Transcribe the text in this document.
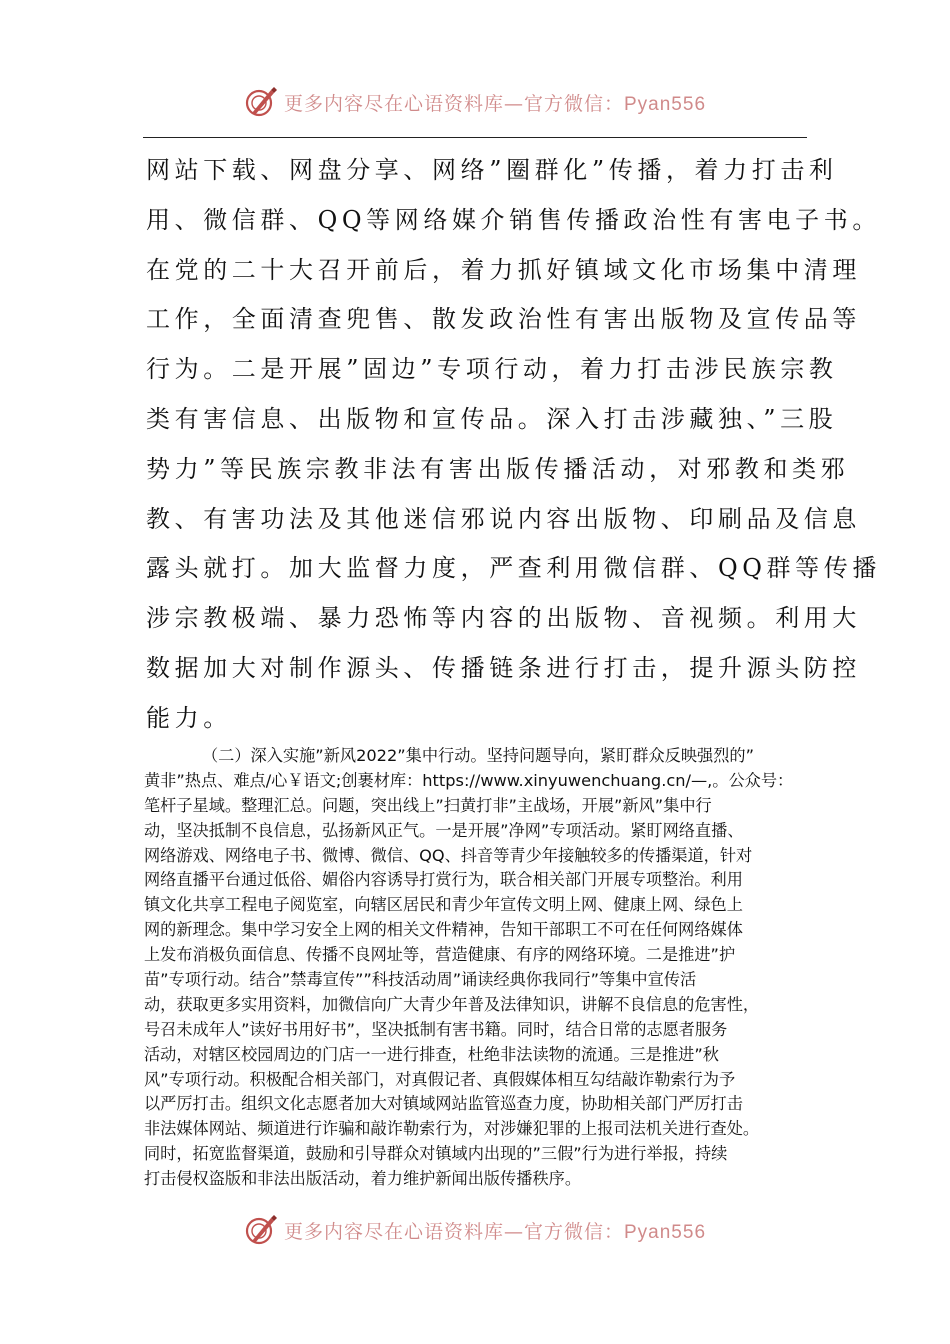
更多内容尽在心语资料库—官方微信：Pyan556
网站下载、网盘分享、网络”圈群化”传播，着力打击利
用、微信群、QQ等网络媒介销售传播政治性有害电子书。
在党的二十大召开前后，着力抓好镇域文化市场集中清理
工作，全面清查兜售、散发政治性有害出版物及宣传品等
行为。二是开展”固边”专项行动，着力打击涉民族宗教
类有害信息、出版物和宣传品。深入打击涉藏独、”三股
势力”等民族宗教非法有害出版传播活动，对邪教和类邪
教、有害功法及其他迷信邪说内容出版物、印刷品及信息
露头就打。加大监督力度，严查利用微信群、QQ群等传播
涉宗教极端、暴力恐怖等内容的出版物、音视频。利用大
数据加大对制作源头、传播链条进行打击，提升源头防控
能力。
（二）深入实施”新风2022”集中行动。坚持问题导向，紧盯群众反映强烈的”
黄非”热点、难点/心￥语文;创裹材库：https://www.xinyuwenchuang.cn/—,。公众号：
笔杆子星域。整理汇总。问题，突出线上”扫黄打非”主战场，开展”新风”集中行
动，坚决抵制不良信息，弘扬新风正气。一是开展”净网”专项活动。紧盯网络直播、
网络游戏、网络电子书、微博、微信、QQ、抖音等青少年接触较多的传播渠道，针对
网络直播平台通过低俗、媚俗内容诱导打赏行为，联合相关部门开展专项整治。利用
镇文化共享工程电子阅览室，向辖区居民和青少年宣传文明上网、健康上网、绿色上
网的新理念。集中学习安全上网的相关文件精神，告知干部职工不可在任何网络媒体
上发布消极负面信息、传播不良网址等，营造健康、有序的网络环境。二是推进”护
苗”专项行动。结合”禁毒宣传””科技活动周”诵读经典你我同行”等集中宣传活
动，获取更多实用资料，加微信向广大青少年普及法律知识，讲解不良信息的危害性，
号召未成年人”读好书用好书”，坚决抵制有害书籍。同时，结合日常的志愿者服务
活动，对辖区校园周边的门店一一进行排查，杜绝非法读物的流通。三是推进”秋
风”专项行动。积极配合相关部门，对真假记者、真假媒体相互勾结敲诈勒索行为予
以严厉打击。组织文化志愿者加大对镇域网站监管巡查力度，协助相关部门严厉打击
非法媒体网站、频道进行诈骗和敲诈勒索行为，对涉嫌犯罪的上报司法机关进行查处。
同时，拓宽监督渠道，鼓励和引导群众对镇域内出现的”三假”行为进行举报，持续
打击侵权盗版和非法出版活动，着力维护新闻出版传播秩序。
更多内容尽在心语资料库—官方微信：Pyan556
